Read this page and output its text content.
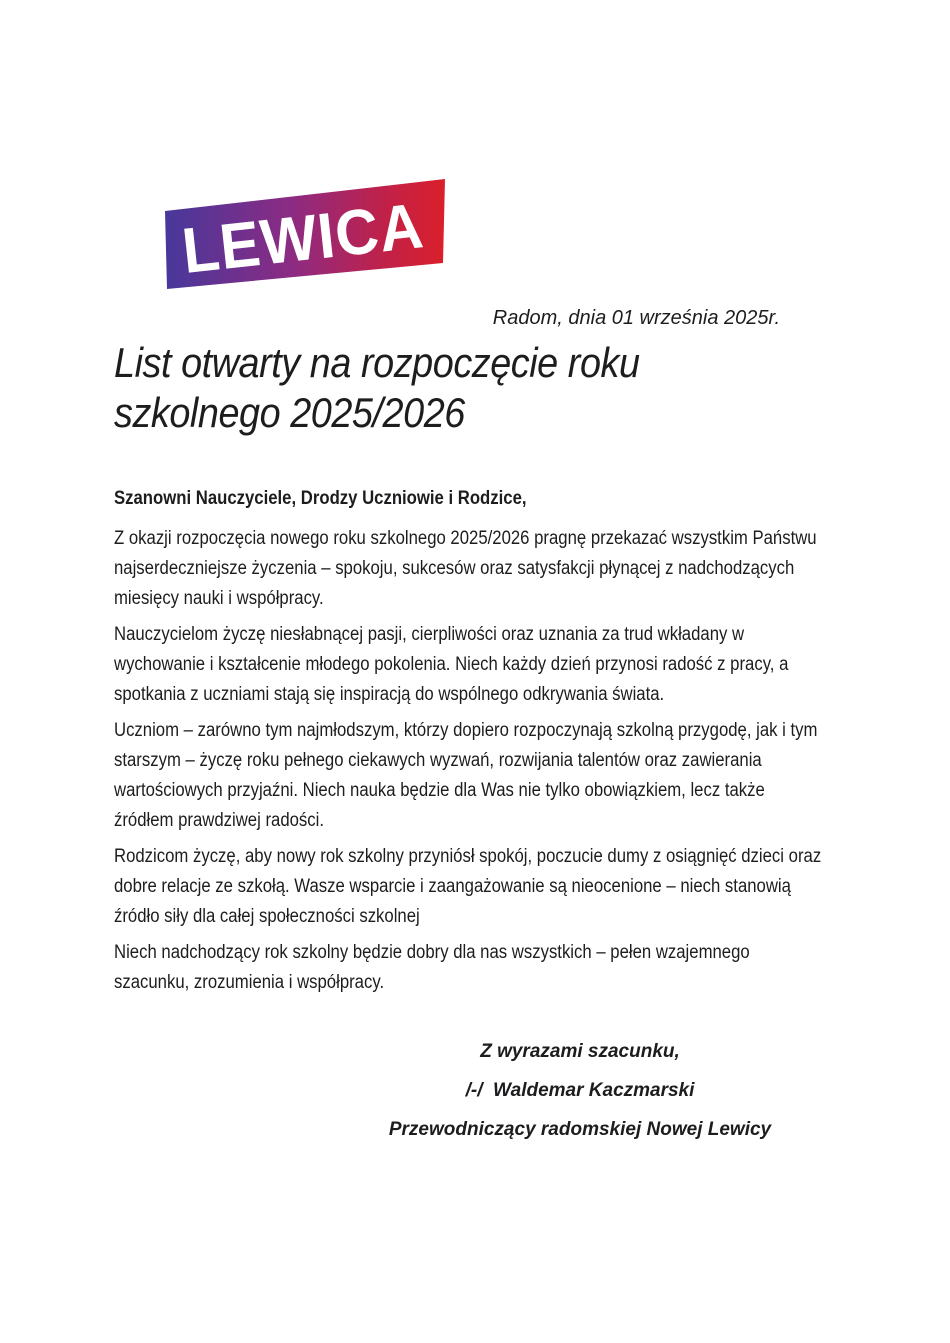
LEWICA
Radom, dnia 01 września 2025r.
List otwarty na rozpoczęcie roku
szkolnego 2025/2026
Szanowni Nauczyciele, Drodzy Uczniowie i Rodzice,
Z okazji rozpoczęcia nowego roku szkolnego 2025/2026 pragnę przekazać wszystkim Państwu
najserdeczniejsze życzenia – spokoju, sukcesów oraz satysfakcji płynącej z nadchodzących
miesięcy nauki i współpracy.
Nauczycielom życzę niesłabnącej pasji, cierpliwości oraz uznania za trud wkładany w
wychowanie i kształcenie młodego pokolenia. Niech każdy dzień przynosi radość z pracy, a
spotkania z uczniami stają się inspiracją do wspólnego odkrywania świata.
Uczniom – zarówno tym najmłodszym, którzy dopiero rozpoczynają szkolną przygodę, jak i tym
starszym – życzę roku pełnego ciekawych wyzwań, rozwijania talentów oraz zawierania
wartościowych przyjaźni. Niech nauka będzie dla Was nie tylko obowiązkiem, lecz także
źródłem prawdziwej radości.
Rodzicom życzę, aby nowy rok szkolny przyniósł spokój, poczucie dumy z osiągnięć dzieci oraz
dobre relacje ze szkołą. Wasze wsparcie i zaangażowanie są nieocenione – niech stanowią
źródło siły dla całej społeczności szkolnej
Niech nadchodzący rok szkolny będzie dobry dla nas wszystkich – pełen wzajemnego
szacunku, zrozumienia i współpracy.
Z wyrazami szacunku,
/-/  Waldemar Kaczmarski
Przewodniczący radomskiej Nowej Lewicy
